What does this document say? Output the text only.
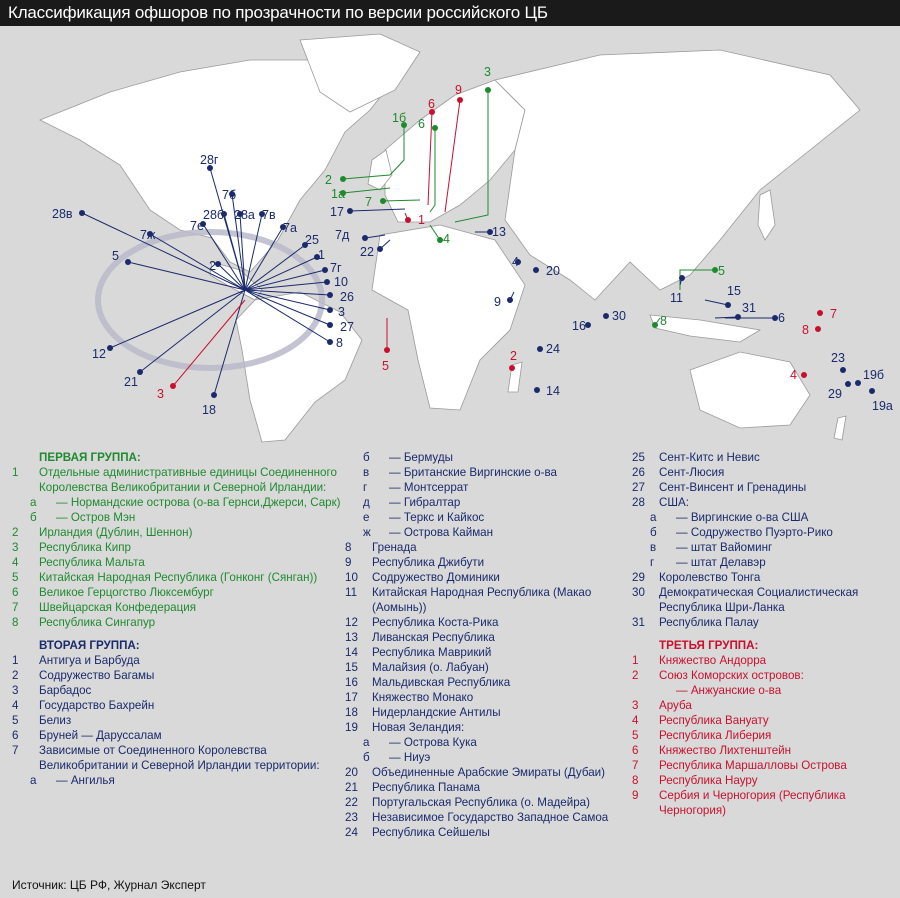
Классификация офшоров по прозрачности по версии российского ЦБ
28в
28г
7б
7е
28б 28а 7в
7а
7ж
5
2
25
1
7г
10
26
3
27
8
12
21
18
17
7д
22
13
4
20
9
24
14
16
30
11	15
31
6
23
19б
29
19а
1б 6
3
2
1а
7
4
8
5
6
9
1
3
5
2
7
8
4
ПЕРВАЯ ГРУППА:
1 Отдельные административные единицы Соединенного Королевства Великобритании и Северной Ирландии:
а — Нормандские острова (о-ва Гернси,Джерси, Сарк)
б — Остров Мэн
2 Ирландия (Дублин, Шеннон)
3 Республика Кипр
4 Республика Мальта
5 Китайская Народная Республика (Гонконг (Сянган))
6 Великое Герцогство Люксембург
7 Швейцарская Конфедерация
8 Республика Сингапур
ВТОРАЯ ГРУППА:
1 Антигуа и Барбуда
2 Содружество Багамы
3 Барбадос
4 Государство Бахрейн
5 Белиз
6 Бруней — Даруссалам
7 Зависимые от Соединенного Королевства Великобритании и Северной Ирландии территории:
а — Ангилья
б — Бермуды
в — Британские Виргинские о-ва
г — Монтсеррат
д — Гибралтар
е — Теркс и Кайкос
ж — Острова Кайман
8 Гренада
9 Республика Джибути
10 Содружество Доминики
11 Китайская Народная Республика (Макао (Аомынь))
12 Республика Коста-Рика
13 Ливанская Республика
14 Республика Маврикий
15 Малайзия (о. Лабуан)
16 Мальдивская Республика
17 Княжество Монако
18 Нидерландские Антилы
19 Новая Зеландия:
а — Острова Кука
б — Ниуэ
20 Объединенные Арабские Эмираты (Дубаи)
21 Республика Панама
22 Португальская Республика (о. Мадейра)
23 Независимое Государство Западное Самоа
24 Республика Сейшелы
25 Сент-Китс и Невис
26 Сент-Люсия
27 Сент-Винсент и Гренадины
28 США:
а — Виргинские о-ва США
б — Содружество Пуэрто-Рико
в — штат Вайоминг
г — штат Делавэр
29 Королевство Тонга
30 Демократическая Социалистическая Республика Шри-Ланка
31 Республика Палау
ТРЕТЬЯ ГРУППА:
1 Княжество Андорра
2 Союз Коморских островов:
— Анжуанские о-ва
3 Аруба
4 Республика Вануату
5 Республика Либерия
6 Княжество Лихтенштейн
7 Республика Маршалловы Острова
8 Республика Науру
9 Сербия и Черногория (Республика Черногория)
Источник: ЦБ РФ, Журнал Эксперт
